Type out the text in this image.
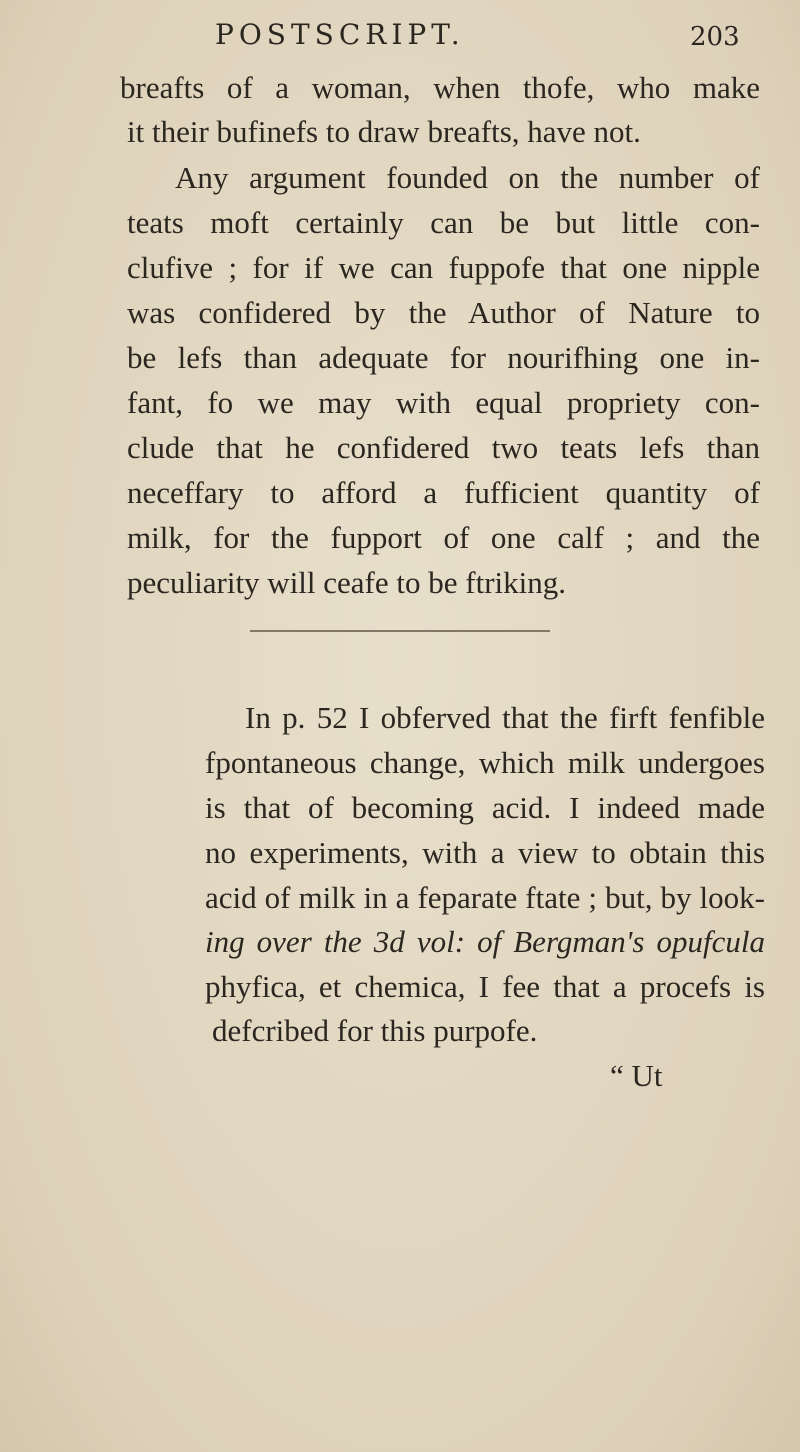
POSTSCRIPT.	203
breafts of a woman, when thofe, who make
it their bufinefs to draw breafts, have not.
Any argument founded on the number of
teats moft certainly can be but little con-
clufive ; for if we can fuppofe that one nipple
was confidered by the Author of Nature to
be lefs than adequate for nourifhing one in-
fant, fo we may with equal propriety con-
clude that he confidered two teats lefs than
neceffary to afford a fufficient quantity of
milk, for the fupport of one calf ; and the
peculiarity will ceafe to be ftriking.
In p. 52 I obferved that the firft fenfible
fpontaneous change, which milk undergoes
is that of becoming acid. I indeed made
no experiments, with a view to obtain this
acid of milk in a feparate ftate ; but, by look-
ing over the 3d vol: of Bergman's opufcula
phyfica, et chemica, I fee that a procefs is
defcribed for this purpofe.
“ Ut
